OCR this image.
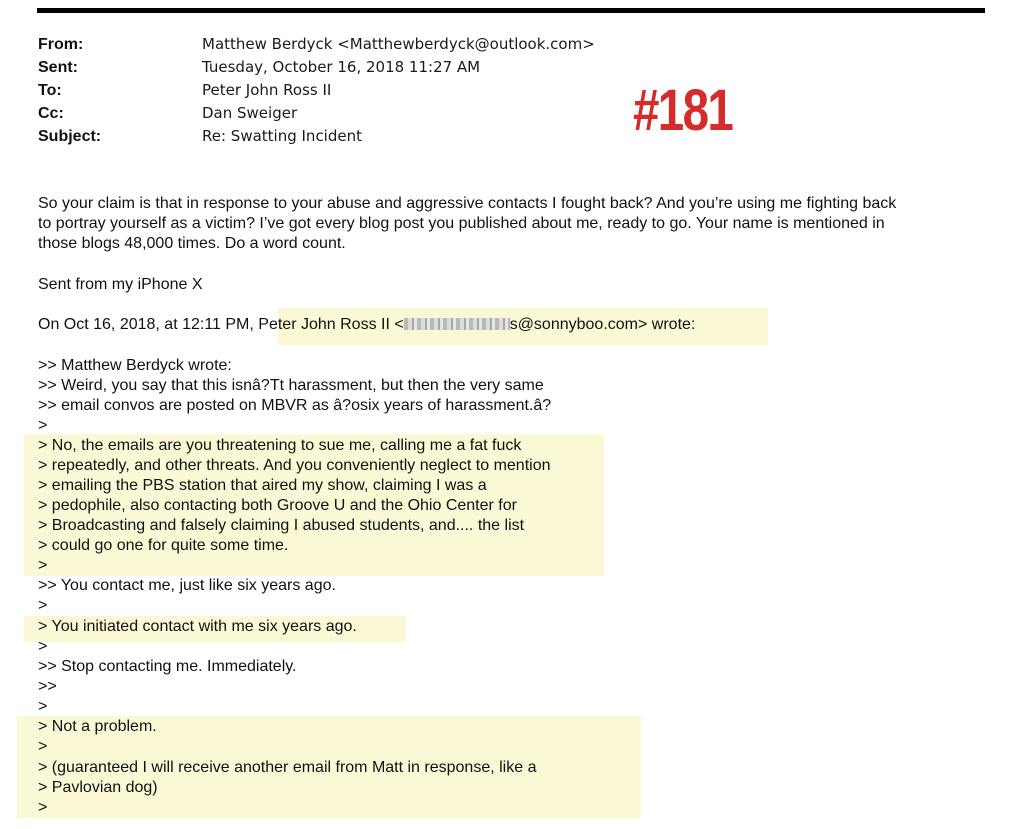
From:	Matthew Berdyck <Matthewberdyck@outlook.com>
Sent:	Tuesday, October 16, 2018 11:27 AM
To:	Peter John Ross II
Cc:	Dan Sweiger
Subject:	Re: Swatting Incident	#181
So your claim is that in response to your abuse and aggressive contacts I fought back? And you’re using me fighting back
to portray yourself as a victim? I’ve got every blog post you published about me, ready to go. Your name is mentioned in
those blogs 48,000 times. Do a word count.
Sent from my iPhone X
On Oct 16, 2018, at 12:11 PM, Peter John Ross II <	s@sonnyboo.com> wrote:
>> Matthew Berdyck wrote:
>> Weird, you say that this isnâ?Tt harassment, but then the very same
>> email convos are posted on MBVR as â?osix years of harassment.â?
>
> No, the emails are you threatening to sue me, calling me a fat fuck
> repeatedly, and other threats. And you conveniently neglect to mention
> emailing the PBS station that aired my show, claiming I was a
> pedophile, also contacting both Groove U and the Ohio Center for
> Broadcasting and falsely claiming I abused students, and.... the list
> could go one for quite some time.
>
>> You contact me, just like six years ago.
>
> You initiated contact with me six years ago.
>
>> Stop contacting me. Immediately.
>>
>
> Not a problem.
>
> (guaranteed I will receive another email from Matt in response, like a
> Pavlovian dog)
>
